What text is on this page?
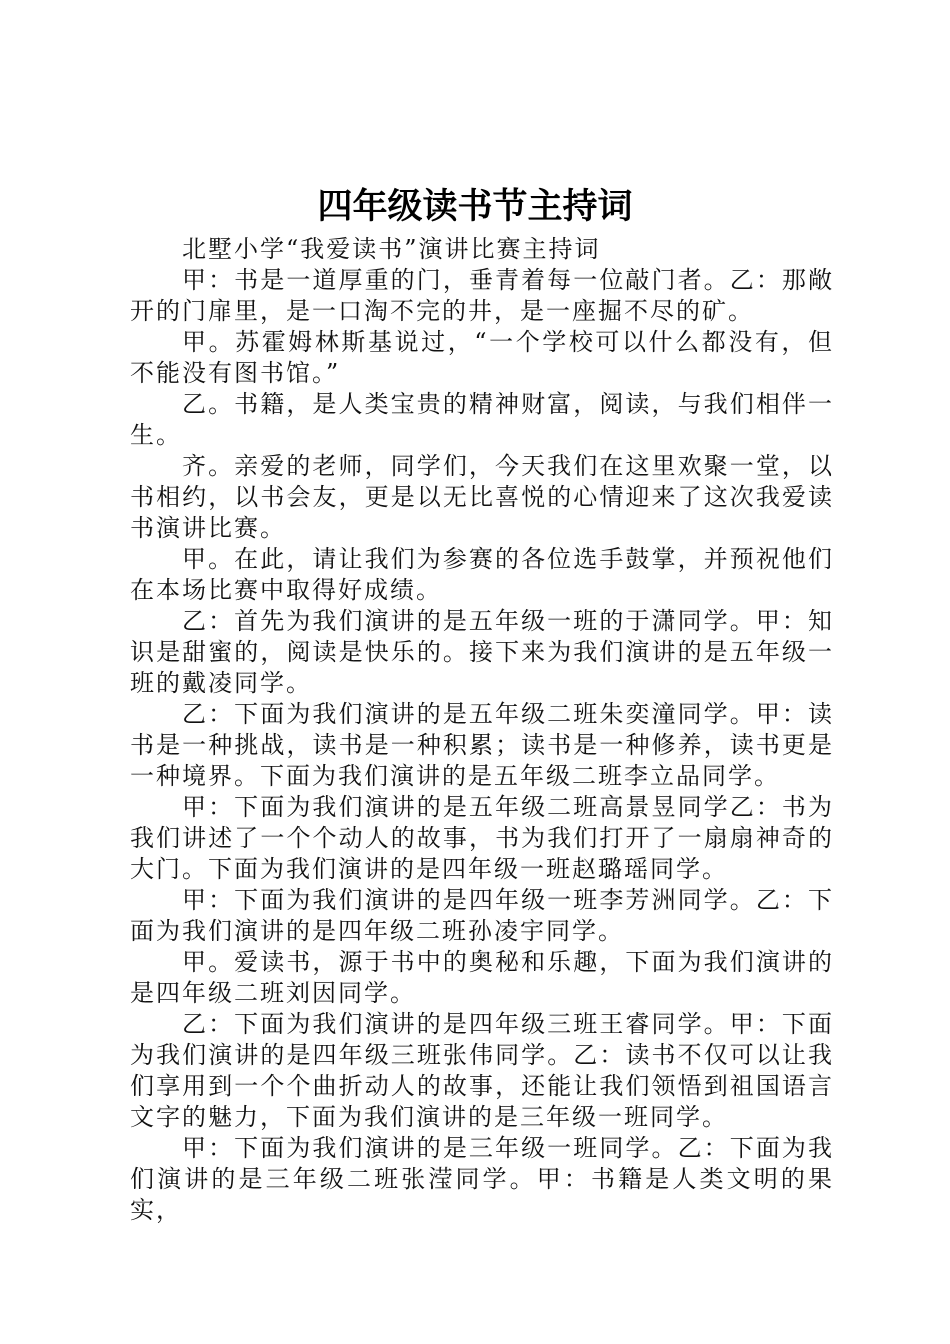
四年级读书节主持词

北墅小学“我爱读书”演讲比赛主持词

甲：书是一道厚重的门，垂青着每一位敲门者。乙：那敞开的门扉里，是一口淘不完的井，是一座掘不尽的矿。

甲。苏霍姆林斯基说过，“一个学校可以什么都没有，但不能没有图书馆。”

乙。书籍，是人类宝贵的精神财富，阅读，与我们相伴一生。

齐。亲爱的老师，同学们，今天我们在这里欢聚一堂，以书相约，以书会友，更是以无比喜悦的心情迎来了这次我爱读书演讲比赛。

甲。在此，请让我们为参赛的各位选手鼓掌，并预祝他们在本场比赛中取得好成绩。

乙：首先为我们演讲的是五年级一班的于潇同学。甲：知识是甜蜜的，阅读是快乐的。接下来为我们演讲的是五年级一班的戴凌同学。

乙：下面为我们演讲的是五年级二班朱奕潼同学。甲：读书是一种挑战，读书是一种积累；读书是一种修养，读书更是一种境界。下面为我们演讲的是五年级二班李立品同学。

甲：下面为我们演讲的是五年级二班高景昱同学乙：书为我们讲述了一个个动人的故事，书为我们打开了一扇扇神奇的大门。下面为我们演讲的是四年级一班赵璐瑶同学。

甲：下面为我们演讲的是四年级一班李芳洲同学。乙：下面为我们演讲的是四年级二班孙凌宇同学。

甲。爱读书，源于书中的奥秘和乐趣，下面为我们演讲的是四年级二班刘因同学。

乙：下面为我们演讲的是四年级三班王睿同学。甲：下面为我们演讲的是四年级三班张伟同学。乙：读书不仅可以让我们享用到一个个曲折动人的故事，还能让我们领悟到祖国语言文字的魅力，下面为我们演讲的是三年级一班同学。

甲：下面为我们演讲的是三年级一班同学。乙：下面为我们演讲的是三年级二班张滢同学。甲：书籍是人类文明的果实，
